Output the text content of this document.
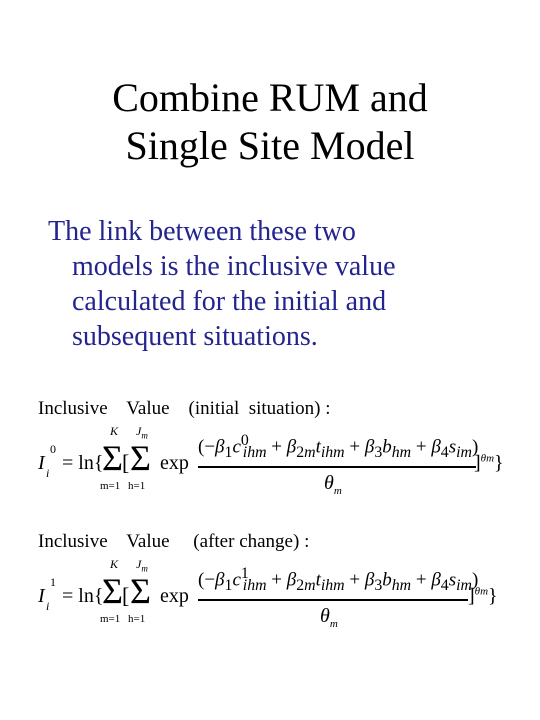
Combine RUM and
Single Site Model
The link between these two
models is the inclusive value
calculated for the initial and
subsequent situations.
Inclusive    Value    (initial  situation) :
I
0
i = ln{
K
Σ
m=1
[
$J_m$
Σ
h=1
exp
$(-\beta_1c^0_{ihm} + \beta_{2m}t_{ihm} + \beta_3b_{hm} + \beta_4s_{im})$
$\theta_m$
]$^{\theta m}$}
Inclusive    Value     (after change) :
I
1
i = ln{
K
Σ
m=1
[
$J_m$
Σ
h=1
exp
$(-\beta_1c^1_{ihm} + \beta_{2m}t_{ihm} + \beta_3b_{hm} + \beta_4s_{im})$
$\theta_m$
]$^{\theta m}$}
